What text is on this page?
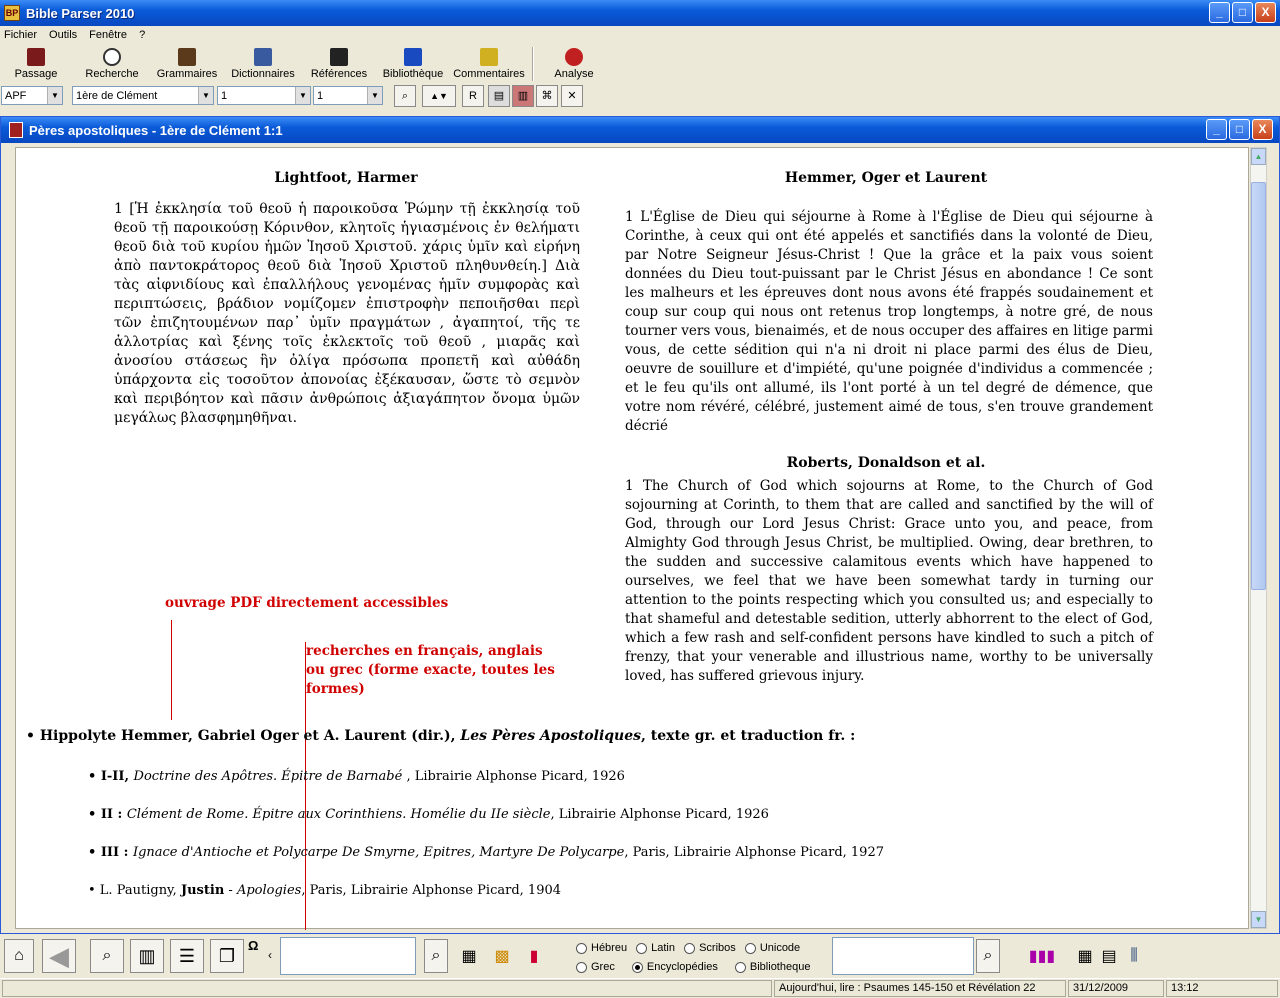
BP Bible Parser 2010	_	□	X
Fichier Outils Fenêtre ?
Passage	Recherche Grammaires Dictionnaires Références Bibliothèque Commentaires	Analyse
APF	▼ 1ère de Clément	▼ 1	▼ 1	▼	⌕	▲▼	R	▤	▥	⌘	✕
Pères apostoliques - 1ère de Clément 1:1	_	□	X
Lightfoot, Harmer
1 [Ἡ ἐκκλησία τοῦ θεοῦ ἡ παροικοῦσα Ῥώμην τῇ ἐκκλησίᾳ τοῦ θεοῦ τῇ παροικούσῃ Κόρινθον, κλητοῖς ἡγιασμένοις ἐν θελήματι θεοῦ διὰ τοῦ κυρίου ἡμῶν Ἰησοῦ Χριστοῦ. χάρις ὑμῖν καὶ εἰρήνη ἀπὸ παντοκράτορος θεοῦ διὰ Ἰησοῦ Χριστοῦ πληθυνθείη.] Διὰ τὰς αἰφνιδίους καὶ ἐπαλλήλους γενομένας ἡμῖν συμφορὰς καὶ περιπτώσεις, βράδιον νομίζομεν ἐπιστροφὴν πεποιῆσθαι περὶ τῶν ἐπιζητουμένων παρ᾽ ὑμῖν πραγμάτων , ἀγαπητοί, τῆς τε ἀλλοτρίας καὶ ξένης τοῖς ἐκλεκτοῖς τοῦ θεοῦ , μιαρᾶς καὶ ἀνοσίου στάσεως ἣν ὀλίγα πρόσωπα προπετῆ καὶ αὐθάδη ὑπάρχοντα εἰς τοσοῦτον ἀπονοίας ἐξέκαυσαν, ὥστε τὸ σεμνὸν καὶ περιβόητον καὶ πᾶσιν ἀνθρώποις ἀξιαγάπητον ὄνομα ὑμῶν μεγάλως βλασφημηθῆναι.
Hemmer, Oger et Laurent
1 L'Église de Dieu qui séjourne à Rome à l'Église de Dieu qui séjourne à Corinthe, à ceux qui ont été appelés et sanctifiés dans la volonté de Dieu, par Notre Seigneur Jésus-Christ ! Que la grâce et la paix vous soient données du Dieu tout-puissant par le Christ Jésus en abondance ! Ce sont les malheurs et les épreuves dont nous avons été frappés soudainement et coup sur coup qui nous ont retenus trop longtemps, à notre gré, de nous tourner vers vous, bienaimés, et de nous occuper des affaires en litige parmi vous, de cette sédition qui n'a ni droit ni place parmi des élus de Dieu, oeuvre de souillure et d'impiété, qu'une poignée d'individus a commencée ; et le feu qu'ils ont allumé, ils l'ont porté à un tel degré de démence, que votre nom révéré, célébré, justement aimé de tous, s'en trouve grandement décrié
Roberts, Donaldson et al.
1 The Church of God which sojourns at Rome, to the Church of God sojourning at Corinth, to them that are called and sanctified by the will of God, through our Lord Jesus Christ: Grace unto you, and peace, from Almighty God through Jesus Christ, be multiplied. Owing, dear brethren, to the sudden and successive calamitous events which have happened to ourselves, we feel that we have been somewhat tardy in turning our attention to the points respecting which you consulted us; and especially to that shameful and detestable sedition, utterly abhorrent to the elect of God, which a few rash and self-confident persons have kindled to such a pitch of frenzy, that your venerable and illustrious name, worthy to be universally loved, has suffered grievous injury.
ouvrage PDF directement accessibles
recherches en français, anglais
ou grec (forme exacte, toutes les
formes)
• Hippolyte Hemmer, Gabriel Oger et A. Laurent (dir.), Les Pères Apostoliques, texte gr. et traduction fr. :
• I-II, Doctrine des Apôtres. Épitre de Barnabé , Librairie Alphonse Picard, 1926
• II : Clément de Rome. Épitre aux Corinthiens. Homélie du IIe siècle, Librairie Alphonse Picard, 1926
• III : Ignace d'Antioche et Polycarpe De Smyrne, Epitres, Martyre De Polycarpe, Paris, Librairie Alphonse Picard, 1927
• L. Pautigny, Justin - Apologies, Paris, Librairie Alphonse Picard, 1904
▲
▼
⌂ ◀	⌕	▥	☰	❐ Ω
‹	⌕	▦	▩	▮	Hébreu
Latin
Scribos
Unicode
Grec
	Encyclopédies
	Bibliotheque
⌕	▮▮▮	▦ ▤ ⫼
Aujourd'hui, lire : Psaumes 145-150 et Révélation 22	31/12/2009	13:12
